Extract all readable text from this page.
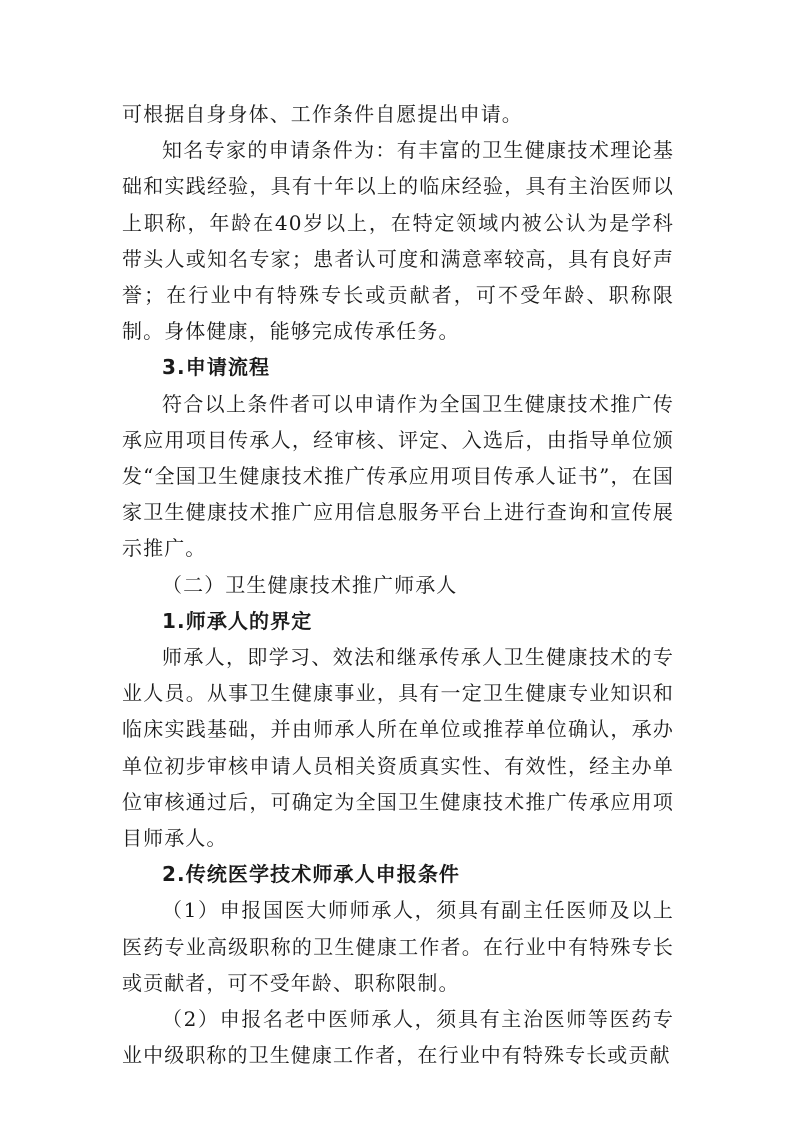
可根据自身身体、工作条件自愿提出申请。

知名专家的申请条件为：有丰富的卫生健康技术理论基础和实践经验，具有十年以上的临床经验，具有主治医师以上职称，年龄在40岁以上，在特定领域内被公认为是学科带头人或知名专家；患者认可度和满意率较高，具有良好声誉；在行业中有特殊专长或贡献者，可不受年龄、职称限制。身体健康，能够完成传承任务。

3.申请流程

符合以上条件者可以申请作为全国卫生健康技术推广传承应用项目传承人，经审核、评定、入选后，由指导单位颁发“全国卫生健康技术推广传承应用项目传承人证书”，在国家卫生健康技术推广应用信息服务平台上进行查询和宣传展示推广。

（二）卫生健康技术推广师承人

1.师承人的界定

师承人，即学习、效法和继承传承人卫生健康技术的专业人员。从事卫生健康事业，具有一定卫生健康专业知识和临床实践基础，并由师承人所在单位或推荐单位确认，承办单位初步审核申请人员相关资质真实性、有效性，经主办单位审核通过后，可确定为全国卫生健康技术推广传承应用项目师承人。

2.传统医学技术师承人申报条件

（1）申报国医大师师承人，须具有副主任医师及以上医药专业高级职称的卫生健康工作者。在行业中有特殊专长或贡献者，可不受年龄、职称限制。

（2）申报名老中医师承人，须具有主治医师等医药专业中级职称的卫生健康工作者，在行业中有特殊专长或贡献
